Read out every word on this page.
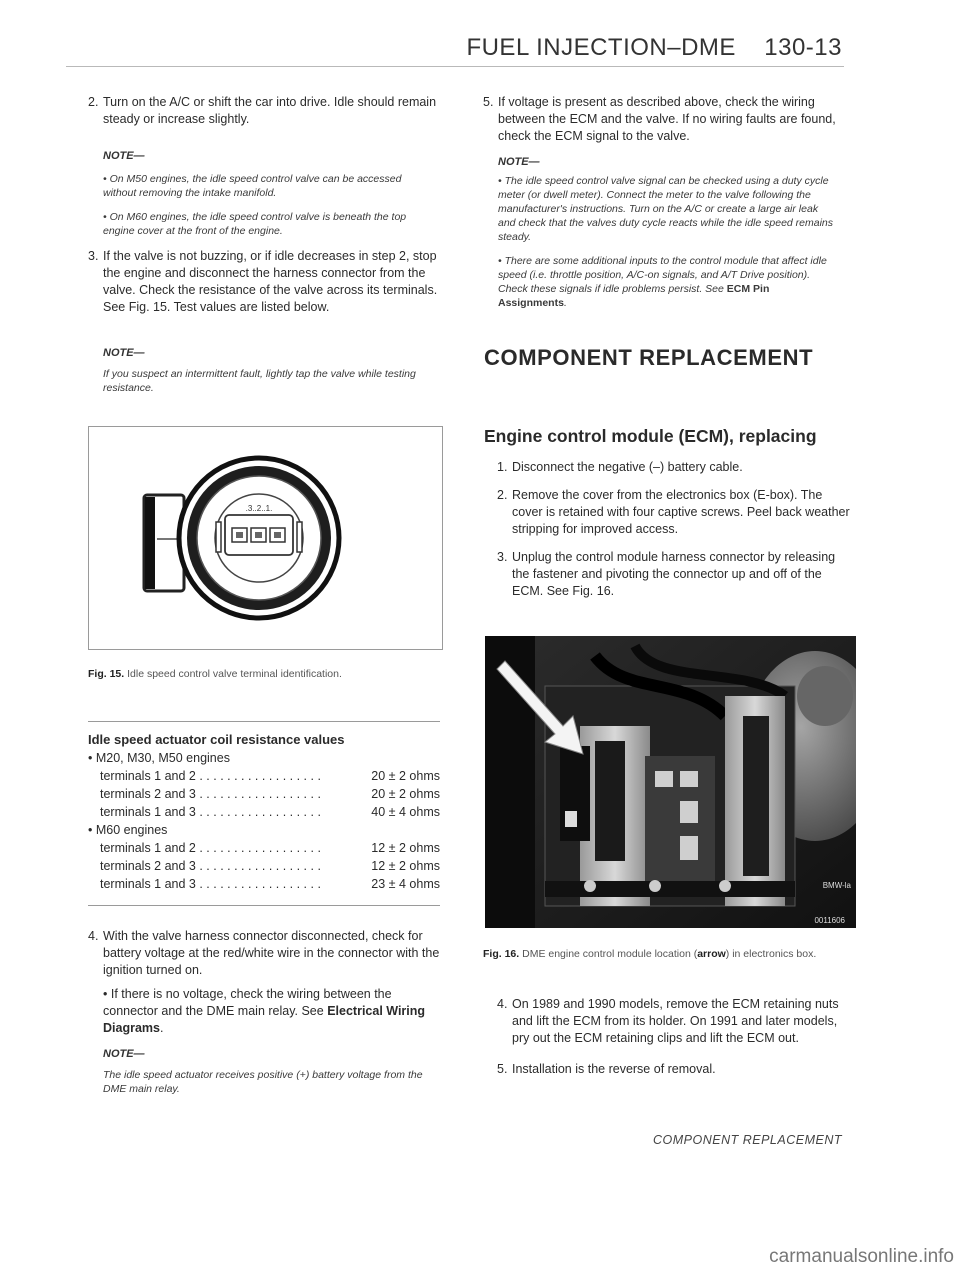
FUEL INJECTION–DME 130-13

2. Turn on the A/C or shift the car into drive. Idle should remain steady or increase slightly.

NOTE—

• On M50 engines, the idle speed control valve can be accessed without removing the intake manifold.

• On M60 engines, the idle speed control valve is beneath the top engine cover at the front of the engine.

3. If the valve is not buzzing, or if idle decreases in step 2, stop the engine and disconnect the harness connector from the valve. Check the resistance of the valve across its terminals. See Fig. 15. Test values are listed below.

NOTE—

If you suspect an intermittent fault, lightly tap the valve while testing resistance.

.3..2..1.

Fig. 15. Idle speed control valve terminal identification.

Idle speed actuator coil resistance values

• M20, M30, M50 engines

terminals 1 and 2 . . . . . . . . . . . . . . . . . .	20 ± 2 ohms

terminals 2 and 3 . . . . . . . . . . . . . . . . . .	20 ± 2 ohms

terminals 1 and 3 . . . . . . . . . . . . . . . . . .	40 ± 4 ohms

• M60 engines

terminals 1 and 2 . . . . . . . . . . . . . . . . . .	12 ± 2 ohms

terminals 2 and 3 . . . . . . . . . . . . . . . . . .	12 ± 2 ohms

terminals 1 and 3 . . . . . . . . . . . . . . . . . .	23 ± 4 ohms

4. With the valve harness connector disconnected, check for battery voltage at the red/white wire in the connector with the ignition turned on.

• If there is no voltage, check the wiring between the connector and the DME main relay. See Electrical Wiring Diagrams.

NOTE—

The idle speed actuator receives positive (+) battery voltage from the DME main relay.

5. If voltage is present as described above, check the wiring between the ECM and the valve. If no wiring faults are found, check the ECM signal to the valve.

NOTE—

• The idle speed control valve signal can be checked using a duty cycle meter (or dwell meter). Connect the meter to the valve following the manufacturer's instructions. Turn on the A/C or create a large air leak and check that the valves duty cycle reacts while the idle speed remains steady.

• There are some additional inputs to the control module that affect idle speed (i.e. throttle position, A/C-on signals, and A/T Drive position). Check these signals if idle problems persist. See ECM Pin Assignments.

COMPONENT REPLACEMENT
Engine control module (ECM), replacing

1. Disconnect the negative (–) battery cable.

2. Remove the cover from the electronics box (E-box). The cover is retained with four captive screws. Peel back weather stripping for improved access.

3. Unplug the control module harness connector by releasing the fastener and pivoting the connector up and off of the ECM. See Fig. 16.

0011606
BMW-la

Fig. 16. DME engine control module location (arrow) in electronics box.

4. On 1989 and 1990 models, remove the ECM retaining nuts and lift the ECM from its holder. On 1991 and later models, pry out the ECM retaining clips and lift the ECM out.

5. Installation is the reverse of removal.

COMPONENT REPLACEMENT
carmanualsonline.info
